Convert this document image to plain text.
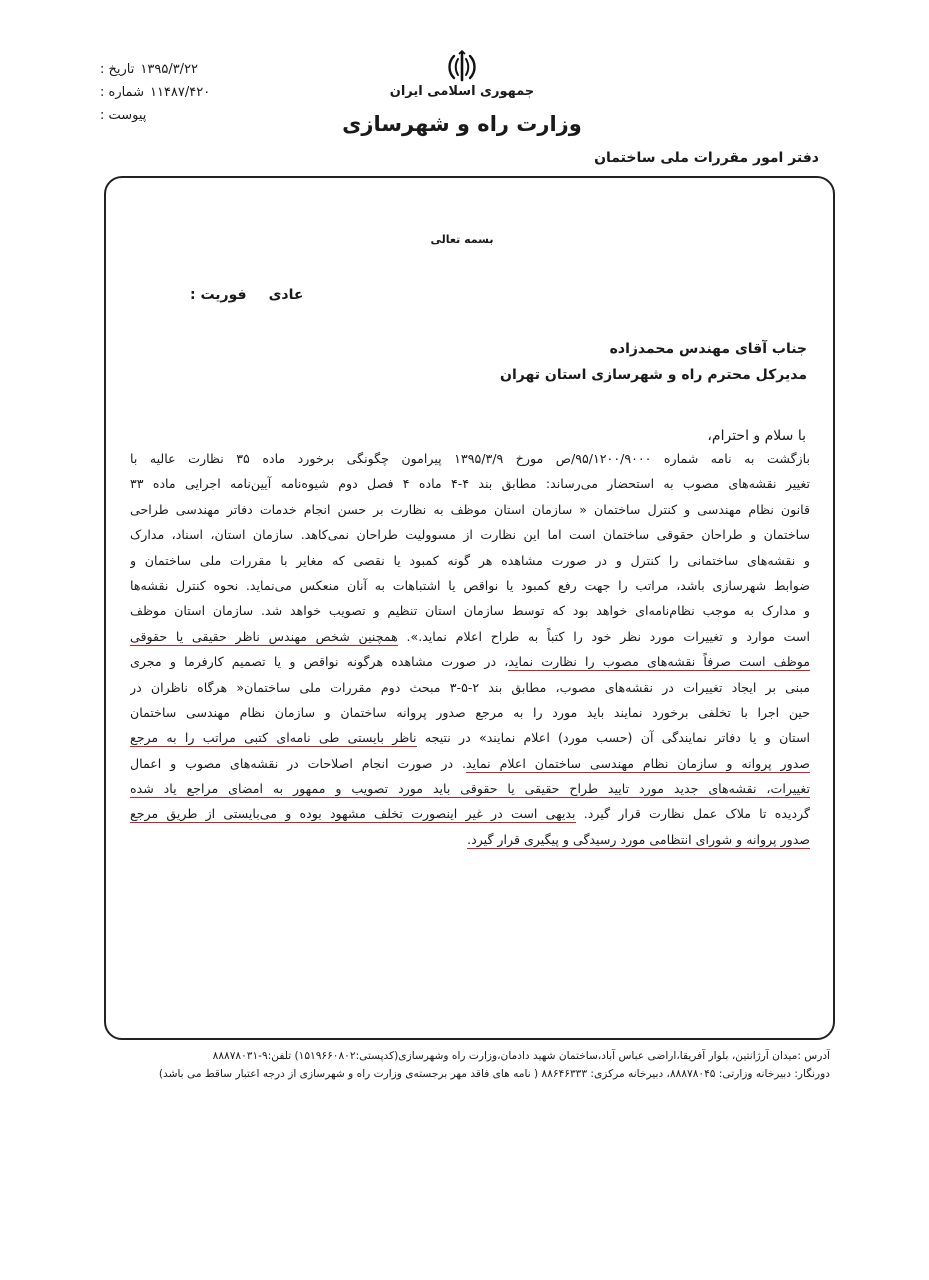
جمهوری اسلامی ایران
وزارت راه و شهرسازی
تاریخ : ۱۳۹۵/۳/۲۲
شماره : ۱۱۴۸۷/۴۲۰
پیوست :
دفتر امور مقررات ملی ساختمان
بسمه تعالی
فوریت : عادی
جناب آقای مهندس محمدزاده
مدیرکل محترم راه و شهرسازی استان تهران
با سلام و احترام،
بازگشت به نامه شماره ۹۵/۱۲۰۰/۹۰۰۰/ص مورخ ۱۳۹۵/۳/۹ پیرامون چگونگی برخورد ماده ۳۵ نظارت عالیه با
تغییر نقشه‌های مصوب به استحضار می‌رساند: مطابق بند ۴-۴ ماده ۴ فصل دوم شیوه‌نامه آیین‌نامه اجرایی ماده ۳۳
قانون نظام مهندسی و کنترل ساختمان « سازمان استان موظف به نظارت بر حسن انجام خدمات دفاتر مهندسی طراحی
ساختمان و طراحان حقوقی ساختمان است اما این نظارت از مسوولیت طراحان نمی‌کاهد. سازمان استان، اسناد، مدارک
و نقشه‌های ساختمانی را کنترل و در صورت مشاهده هر گونه کمبود یا نقصی که مغایر با مقررات ملی ساختمان و
ضوابط شهرسازی باشد، مراتب را جهت رفع کمبود یا نواقص یا اشتباهات به آنان منعکس می‌نماید. نحوه کنترل نقشه‌ها
و مدارک به موجب نظام‌نامه‌ای خواهد بود که توسط سازمان استان تنظیم و تصویب خواهد شد. سازمان استان موظف
است موارد و تغییرات مورد نظر خود را کتباً به طراح اعلام نماید.». همچنین شخص مهندس ناظر حقیقی یا حقوقی
موظف است صرفاً نقشه‌های مصوب را نظارت نماید، در صورت مشاهده هرگونه نواقص و یا تصمیم کارفرما و مجری
مبنی بر ایجاد تغییرات در نقشه‌های مصوب، مطابق بند ۲-۵-۳ مبحث دوم مقررات ملی ساختمان« هرگاه ناظران در
حین اجرا با تخلفی برخورد نمایند باید مورد را به مرجع صدور پروانه ساختمان و سازمان نظام مهندسی ساختمان
استان و یا دفاتر نمایندگی آن (حسب مورد) اعلام نمایند» در نتیجه ناظر بایستی طی نامه‌ای کتبی مراتب را به مرجع
صدور پروانه و سازمان نظام مهندسی ساختمان اعلام نماید. در صورت انجام اصلاحات در نقشه‌های مصوب و اعمال
تغییرات، نقشه‌های جدید مورد تایید طراح حقیقی یا حقوقی باید مورد تصویب و ممهور به امضای مراجع یاد شده
گردیده تا ملاک عمل نظارت قرار گیرد. بدیهی است در غیر اینصورت تخلف مشهود بوده و می‌بایستی از طریق مرجع
صدور پروانه و شورای انتظامی مورد رسیدگی و پیگیری قرار گیرد.
آدرس :میدان آرژانتین، بلوار آفریقا،اراضی عباس آباد،ساختمان شهید دادمان،وزارت راه وشهرسازی(کدپستی:۱۵۱۹۶۶۰۸۰۲) تلفن:۹-۸۸۸۷۸۰۳۱
دورنگار: دبیرخانه وزارتی: ۸۸۸۷۸۰۴۵، دبیرخانه مرکزی: ۸۸۶۴۶۳۳۳ ( نامه های فاقد مهر برجسته‌ی وزارت راه و شهرسازی از درجه اعتبار ساقط می باشد)
